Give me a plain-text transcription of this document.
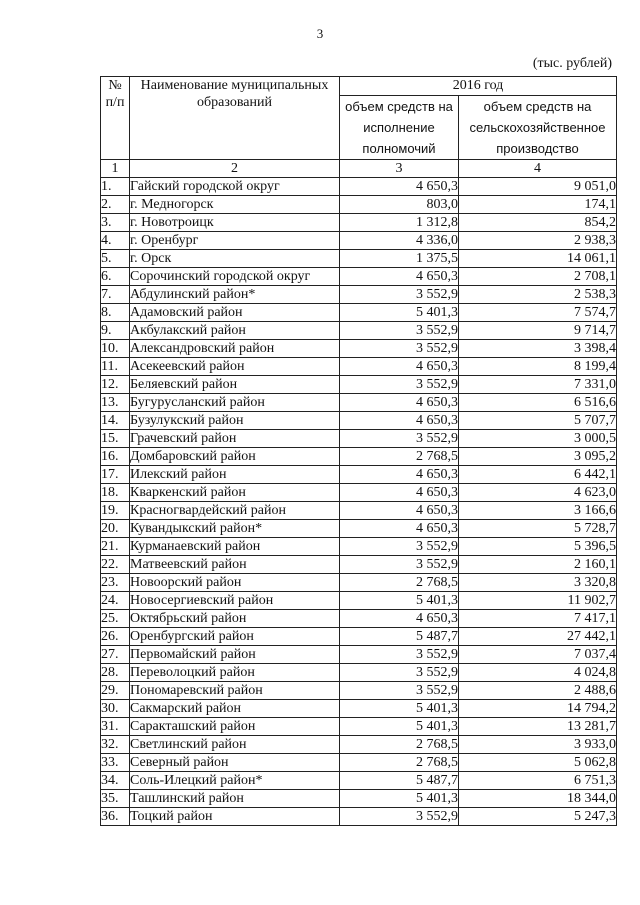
3
(тыс. рублей)
№ п/п	Наименование муниципальных образований	2016 год	
		объем средств на исполнение полномочий	объем средств на сельскохозяйственное производство
1	2	3	4
1.	Гайский городской округ	4 650,3	9 051,0
2.	г. Медногорск	803,0	174,1
3.	г. Новотроицк	1 312,8	854,2
4.	г. Оренбург	4 336,0	2 938,3
5.	г. Орск	1 375,5	14 061,1
6.	Сорочинский городской округ	4 650,3	2 708,1
7.	Абдулинский район*	3 552,9	2 538,3
8.	Адамовский район	5 401,3	7 574,7
9.	Акбулакский район	3 552,9	9 714,7
10.	Александровский район	3 552,9	3 398,4
11.	Асекеевский район	4 650,3	8 199,4
12.	Беляевский район	3 552,9	7 331,0
13.	Бугурусланский район	4 650,3	6 516,6
14.	Бузулукский район	4 650,3	5 707,7
15.	Грачевский район	3 552,9	3 000,5
16.	Домбаровский район	2 768,5	3 095,2
17.	Илекский район	4 650,3	6 442,1
18.	Кваркенский район	4 650,3	4 623,0
19.	Красногвардейский район	4 650,3	3 166,6
20.	Кувандыкский район*	4 650,3	5 728,7
21.	Курманаевский район	3 552,9	5 396,5
22.	Матвеевский район	3 552,9	2 160,1
23.	Новоорский район	2 768,5	3 320,8
24.	Новосергиевский район	5 401,3	11 902,7
25.	Октябрьский район	4 650,3	7 417,1
26.	Оренбургский район	5 487,7	27 442,1
27.	Первомайский район	3 552,9	7 037,4
28.	Переволоцкий район	3 552,9	4 024,8
29.	Пономаревский район	3 552,9	2 488,6
30.	Сакмарский район	5 401,3	14 794,2
31.	Саракташский район	5 401,3	13 281,7
32.	Светлинский район	2 768,5	3 933,0
33.	Северный район	2 768,5	5 062,8
34.	Соль-Илецкий район*	5 487,7	6 751,3
35.	Ташлинский район	5 401,3	18 344,0
36.	Тоцкий район	3 552,9	5 247,3
